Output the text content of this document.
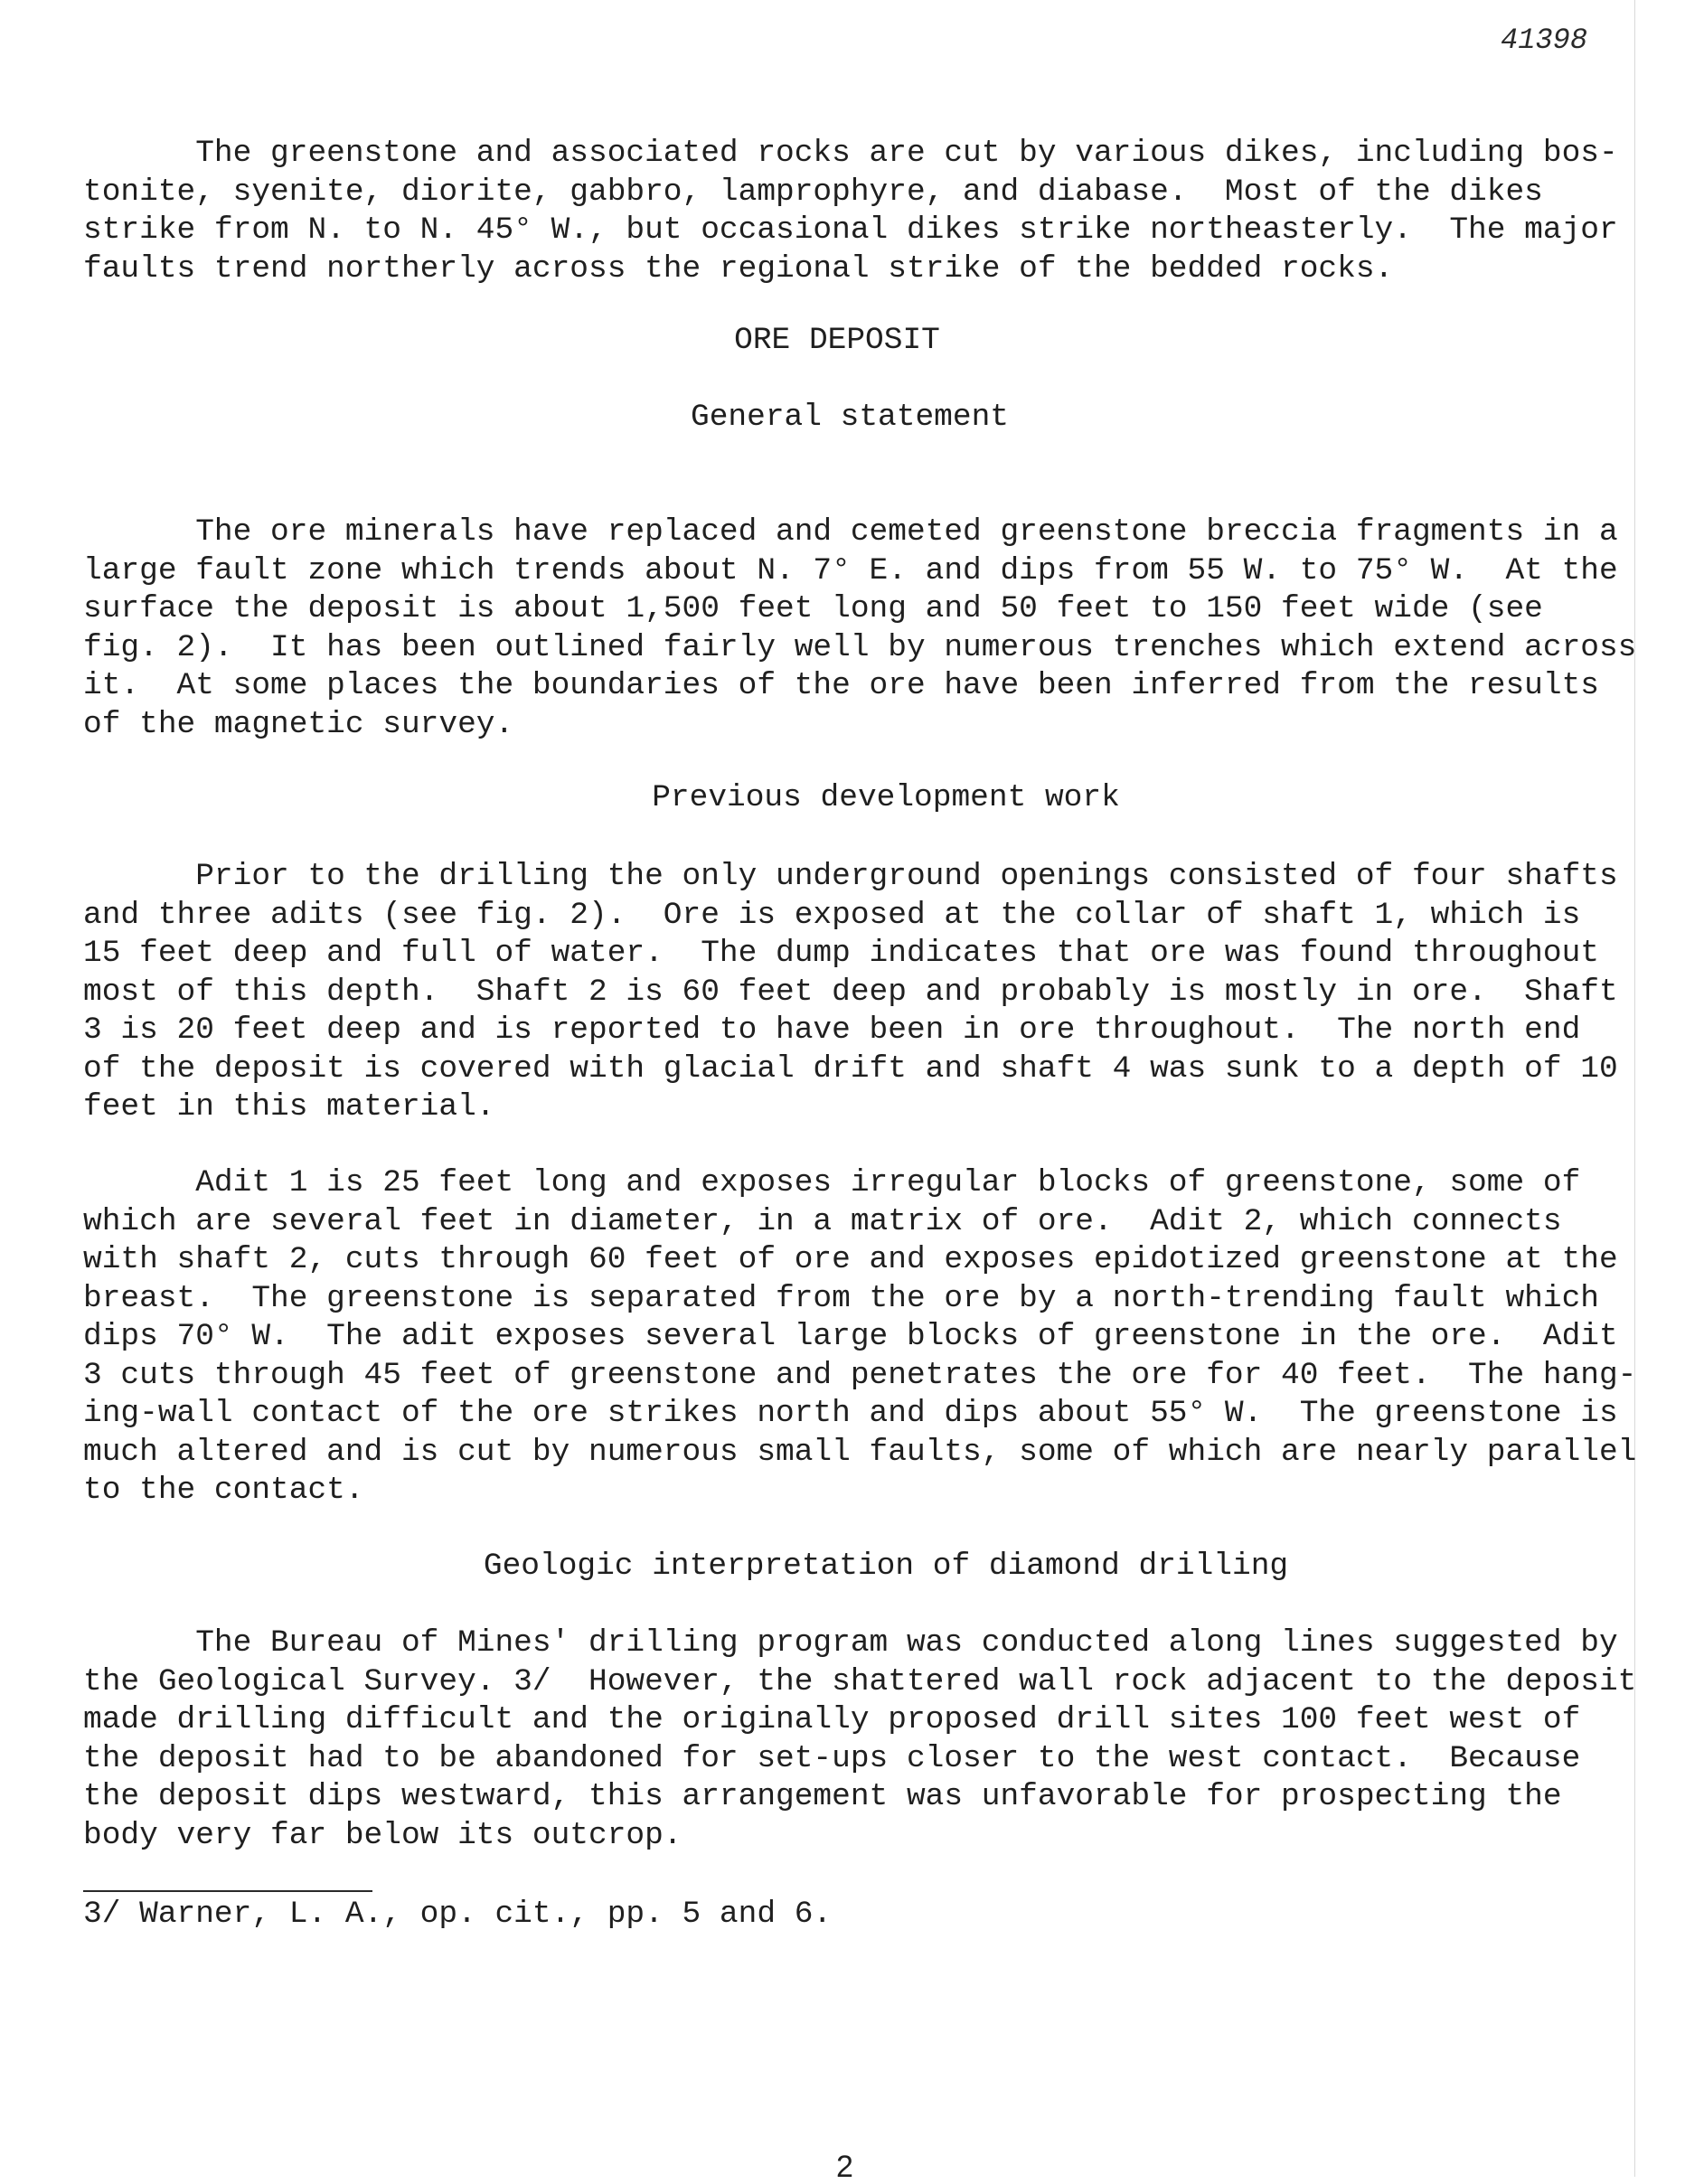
41398
The greenstone and associated rocks are cut by various dikes, including bos-
tonite, syenite, diorite, gabbro, lamprophyre, and diabase.  Most of the dikes
strike from N. to N. 45° W., but occasional dikes strike northeasterly.  The major
faults trend northerly across the regional strike of the bedded rocks.
ORE DEPOSIT
General statement
The ore minerals have replaced and cemeted greenstone breccia fragments in a
large fault zone which trends about N. 7° E. and dips from 55 W. to 75° W.  At the
surface the deposit is about 1,500 feet long and 50 feet to 150 feet wide (see
fig. 2).  It has been outlined fairly well by numerous trenches which extend across
it.  At some places the boundaries of the ore have been inferred from the results
of the magnetic survey.
Previous development work
Prior to the drilling the only underground openings consisted of four shafts
and three adits (see fig. 2).  Ore is exposed at the collar of shaft 1, which is
15 feet deep and full of water.  The dump indicates that ore was found throughout
most of this depth.  Shaft 2 is 60 feet deep and probably is mostly in ore.  Shaft
3 is 20 feet deep and is reported to have been in ore throughout.  The north end
of the deposit is covered with glacial drift and shaft 4 was sunk to a depth of 10
feet in this material.
Adit 1 is 25 feet long and exposes irregular blocks of greenstone, some of
which are several feet in diameter, in a matrix of ore.  Adit 2, which connects
with shaft 2, cuts through 60 feet of ore and exposes epidotized greenstone at the
breast.  The greenstone is separated from the ore by a north-trending fault which
dips 70° W.  The adit exposes several large blocks of greenstone in the ore.  Adit
3 cuts through 45 feet of greenstone and penetrates the ore for 40 feet.  The hang-
ing-wall contact of the ore strikes north and dips about 55° W.  The greenstone is
much altered and is cut by numerous small faults, some of which are nearly parallel
to the contact.
Geologic interpretation of diamond drilling
The Bureau of Mines' drilling program was conducted along lines suggested by
the Geological Survey. 3/  However, the shattered wall rock adjacent to the deposit
made drilling difficult and the originally proposed drill sites 100 feet west of
the deposit had to be abandoned for set-ups closer to the west contact.  Because
the deposit dips westward, this arrangement was unfavorable for prospecting the
body very far below its outcrop.
3/ Warner, L. A., op. cit., pp. 5 and 6.
2
